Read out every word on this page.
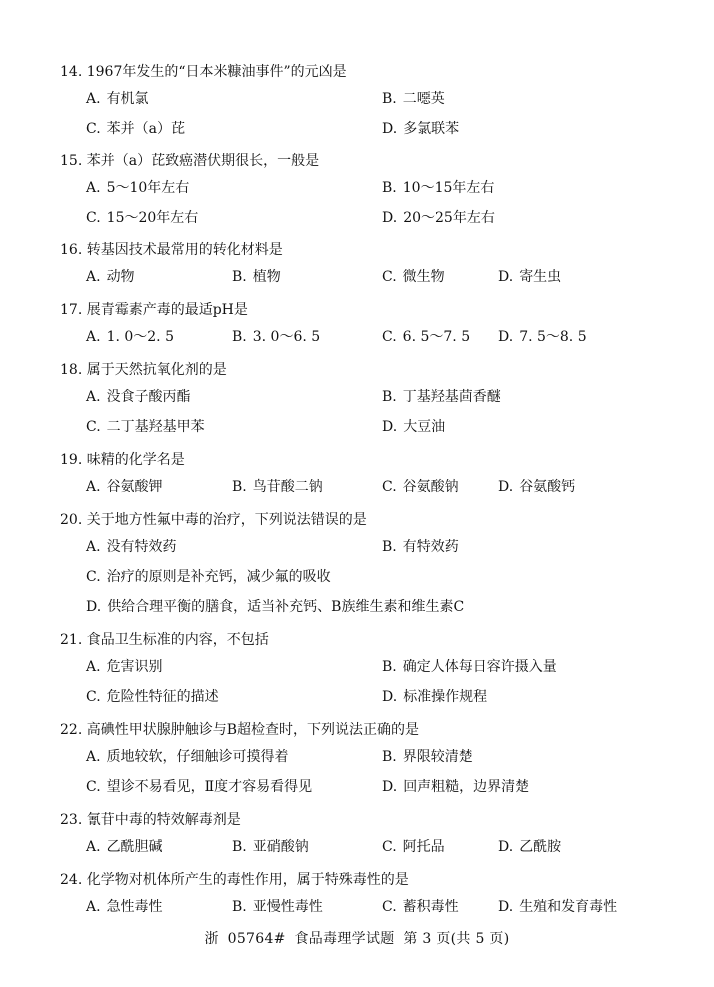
14. 1967年发生的“日本米糠油事件”的元凶是
A. 有机氯	B. 二噁英
C. 苯并（a）芘	D. 多氯联苯
15. 苯并（a）芘致癌潜伏期很长，一般是
A. 5～10年左右	B. 10～15年左右
C. 15～20年左右	D. 20～25年左右
16. 转基因技术最常用的转化材料是
A. 动物	B. 植物	C. 微生物	D. 寄生虫
17. 展青霉素产毒的最适pH是
A. 1. 0～2. 5	B. 3. 0～6. 5	C. 6. 5～7. 5 D. 7. 5～8. 5
18. 属于天然抗氧化剂的是
A. 没食子酸丙酯	B. 丁基羟基茴香醚
C. 二丁基羟基甲苯	D. 大豆油
19. 味精的化学名是
A. 谷氨酸钾	B. 鸟苷酸二钠	C. 谷氨酸钠	D. 谷氨酸钙
20. 关于地方性氟中毒的治疗，下列说法错误的是
A. 没有特效药	B. 有特效药
C. 治疗的原则是补充钙，减少氟的吸收
D. 供给合理平衡的膳食，适当补充钙、B族维生素和维生素C
21. 食品卫生标准的内容，不包括
A. 危害识别	B. 确定人体每日容许摄入量
C. 危险性特征的描述	D. 标准操作规程
22. 高碘性甲状腺肿触诊与B超检查时，下列说法正确的是
A. 质地较软，仔细触诊可摸得着	B. 界限较清楚
C. 望诊不易看见，Ⅱ度才容易看得见	D. 回声粗糙，边界清楚
23. 氰苷中毒的特效解毒剂是
A. 乙酰胆碱	B. 亚硝酸钠	C. 阿托品	D. 乙酰胺
24. 化学物对机体所产生的毒性作用，属于特殊毒性的是
A. 急性毒性	B. 亚慢性毒性	C. 蓄积毒性	D. 生殖和发育毒性
浙 05764# 食品毒理学试题 第 3 页(共 5 页)
